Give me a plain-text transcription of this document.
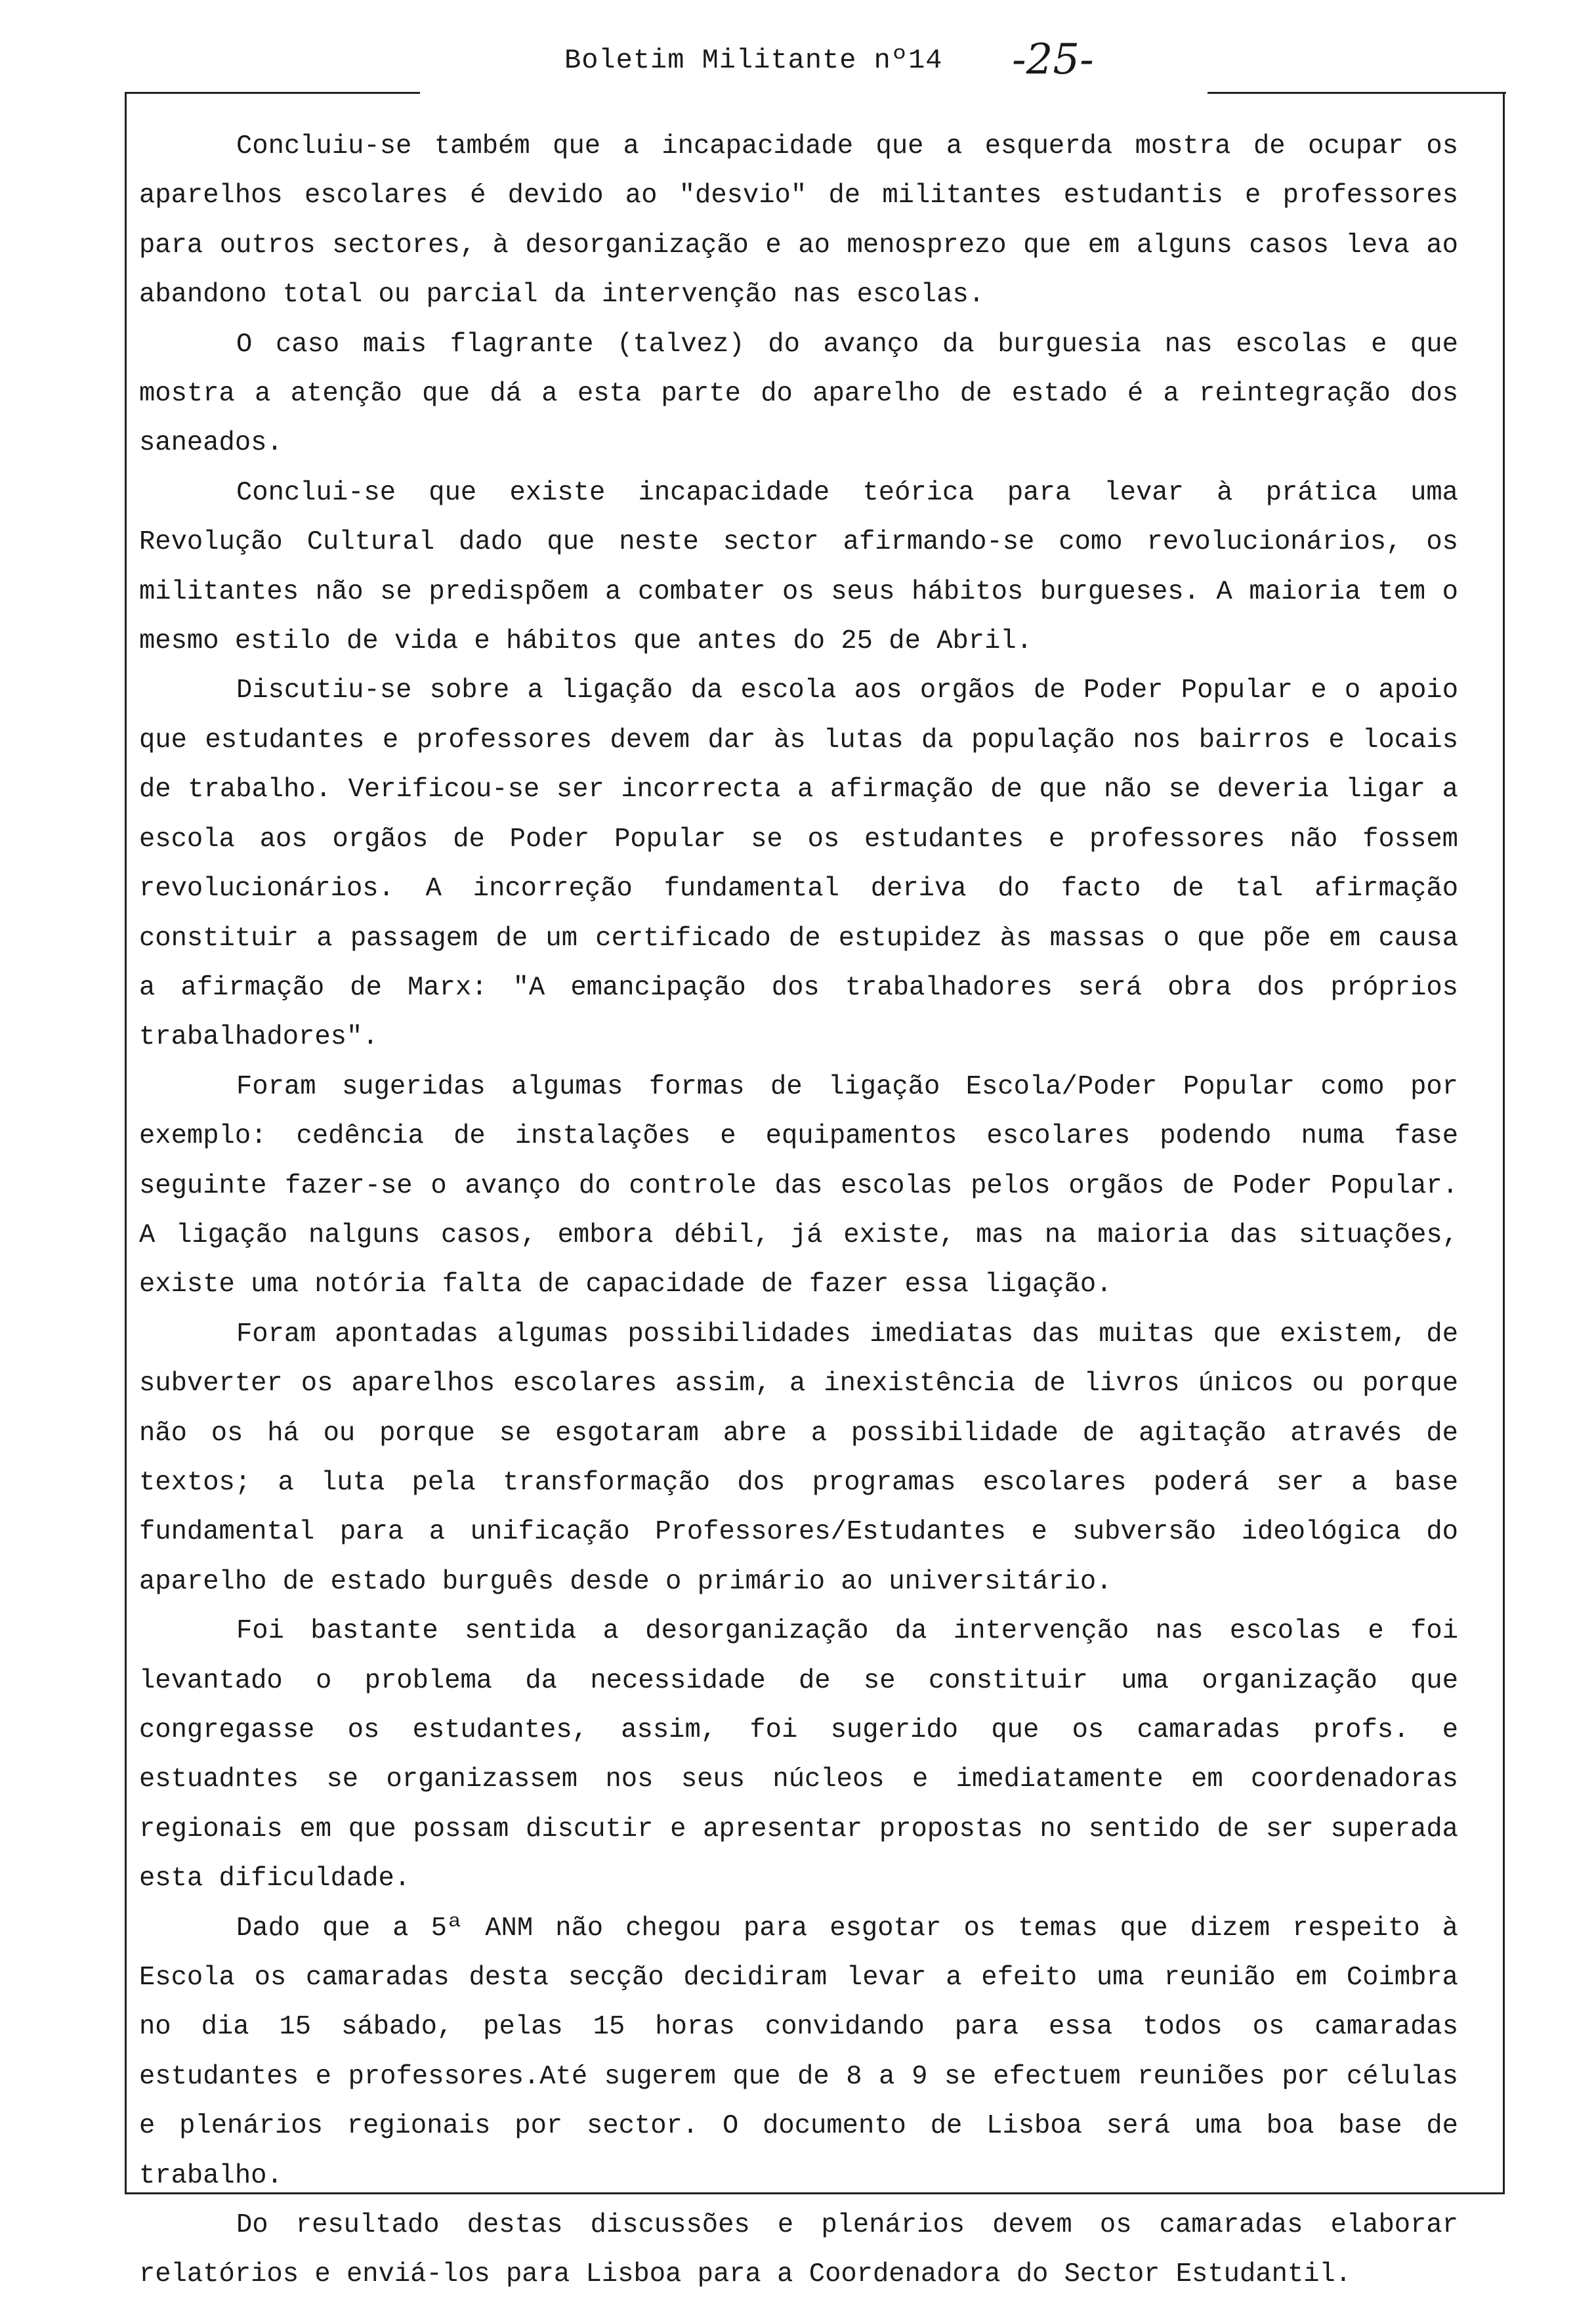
Boletim Militante nº14 -25-

Concluiu-se também que a incapacidade que a esquerda mostra de ocupar os aparelhos escolares é devido ao "desvio" de militantes estudantis e professores para outros sectores, à desorganização e ao menosprezo que em alguns casos leva ao abandono total ou parcial da intervenção nas escolas.

O caso mais flagrante (talvez) do avanço da burguesia nas escolas e que mostra a atenção que dá a esta parte do aparelho de estado é a reintegração dos saneados.

Conclui-se que existe incapacidade teórica para levar à prática uma Revolução Cultural dado que neste sector afirmando-se como revolucionários, os militantes não se predispõem a combater os seus hábitos burgueses. A maioria tem o mesmo estilo de vida e hábitos que antes do 25 de Abril.

Discutiu-se sobre a ligação da escola aos orgãos de Poder Popular e o apoio que estudantes e professores devem dar às lutas da população nos bairros e locais de trabalho. Verificou-se ser incorrecta a afirmação de que não se deveria ligar a escola aos orgãos de Poder Popular se os estudantes e professores não fossem revolucionários. A incorreção fundamental deriva do facto de tal afirmação constituir a passagem de um certificado de estupidez às massas o que põe em causa a afirmação de Marx: "A emancipação dos trabalhadores será obra dos próprios trabalhadores".

Foram sugeridas algumas formas de ligação Escola/Poder Popular como por exemplo: cedência de instalações e equipamentos escolares podendo numa fase seguinte fazer-se o avanço do controle das escolas pelos orgãos de Poder Popular. A ligação nalguns casos, embora débil, já existe, mas na maioria das situações, existe uma notória falta de capacidade de fazer essa ligação.

Foram apontadas algumas possibilidades imediatas das muitas que existem, de subverter os aparelhos escolares assim, a inexistência de livros únicos ou porque não os há ou porque se esgotaram abre a possibilidade de agitação através de textos; a luta pela transformação dos programas escolares poderá ser a base fundamental para a unificação Professores/Estudantes e subversão ideológica do aparelho de estado burguês desde o primário ao universitário.

Foi bastante sentida a desorganização da intervenção nas escolas e foi levantado o problema da necessidade de se constituir uma organização que congregasse os estudantes, assim, foi sugerido que os camaradas profs. e estuadntes se organizassem nos seus núcleos e imediatamente em coordenadoras regionais em que possam discutir e apresentar propostas no sentido de ser superada esta dificuldade.

Dado que a 5ª ANM não chegou para esgotar os temas que dizem respeito à Escola os camaradas desta secção decidiram levar a efeito uma reunião em Coimbra no dia 15 sábado, pelas 15 horas convidando para essa todos os camaradas estudantes e professores.Até sugerem que de 8 a 9 se efectuem reuniões por células e plenários regionais por sector. O documento de Lisboa será uma boa base de trabalho.

Do resultado destas discussões e plenários devem os camaradas elaborar relatórios e enviá-los para Lisboa para a Coordenadora do Sector Estudantil.
